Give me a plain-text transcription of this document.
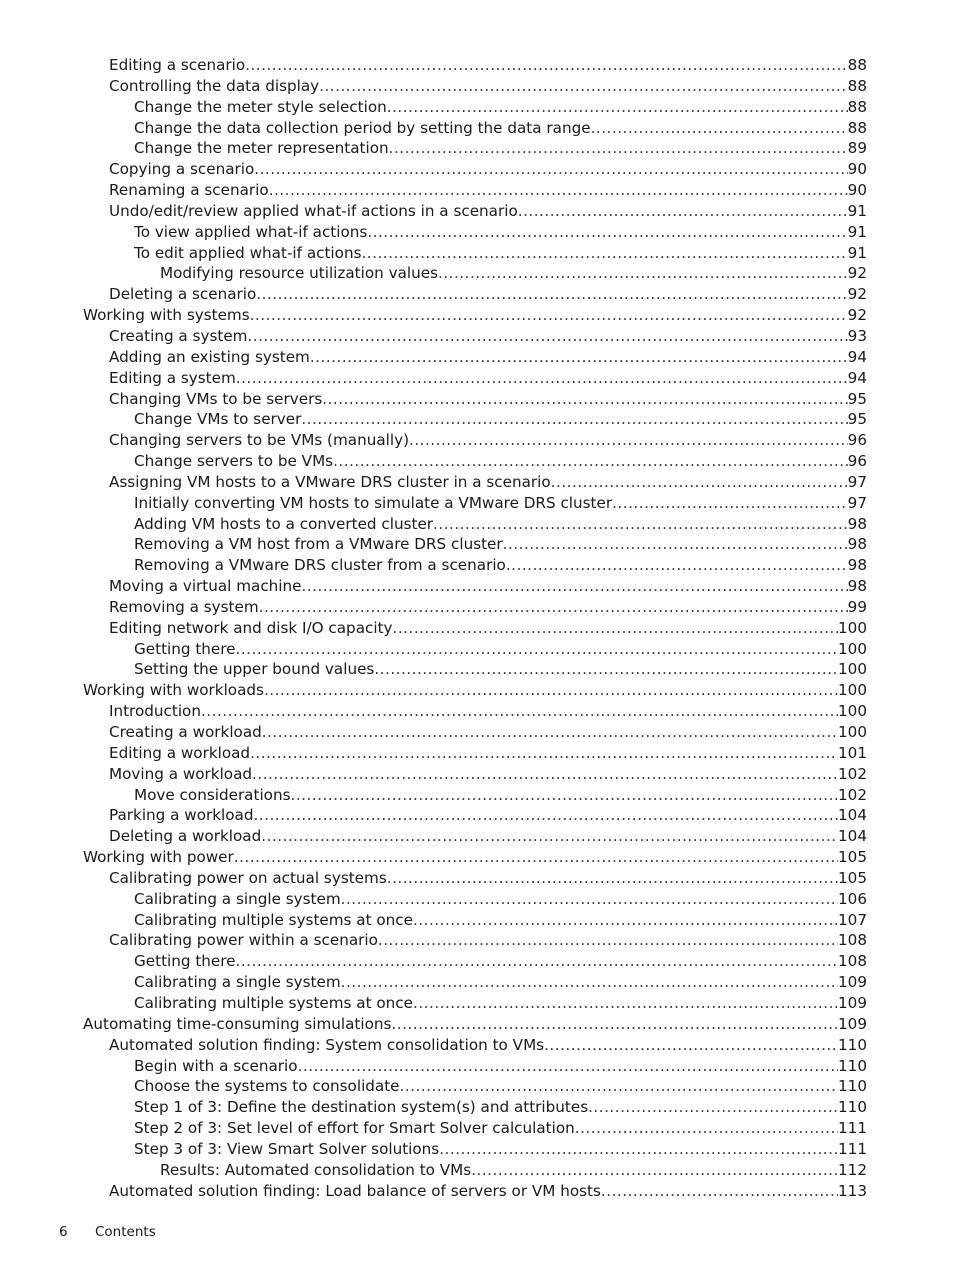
Editing a scenario .....	88
Controlling the data display .....	88
Change the meter style selection .....	88
Change the data collection period by setting the data range .....	88
Change the meter representation .....	89
Copying a scenario .....	90
Renaming a scenario .....	90
Undo/edit/review applied what-if actions in a scenario .....	91
To view applied what-if actions .....	91
To edit applied what-if actions .....	91
Modifying resource utilization values .....	92
Deleting a scenario .....	92
Working with systems .....	92
Creating a system .....	93
Adding an existing system .....	94
Editing a system .....	94
Changing VMs to be servers .....	95
Change VMs to server .....	95
Changing servers to be VMs (manually) .....	96
Change servers to be VMs .....	96
Assigning VM hosts to a VMware DRS cluster in a scenario .....	97
Initially converting VM hosts to simulate a VMware DRS cluster .....	97
Adding VM hosts to a converted cluster .....	98
Removing a VM host from a VMware DRS cluster .....	98
Removing a VMware DRS cluster from a scenario .....	98
Moving a virtual machine .....	98
Removing a system .....	99
Editing network and disk I/O capacity .....	100
Getting there .....	100
Setting the upper bound values .....	100
Working with workloads .....	100
Introduction .....	100
Creating a workload .....	100
Editing a workload .....	101
Moving a workload .....	102
Move considerations .....	102
Parking a workload .....	104
Deleting a workload .....	104
Working with power .....	105
Calibrating power on actual systems .....	105
Calibrating a single system .....	106
Calibrating multiple systems at once .....	107
Calibrating power within a scenario .....	108
Getting there .....	108
Calibrating a single system .....	109
Calibrating multiple systems at once .....	109
Automating time-consuming simulations .....	109
Automated solution finding: System consolidation to VMs .....	110
Begin with a scenario .....	110
Choose the systems to consolidate .....	110
Step 1 of 3: Define the destination system(s) and attributes .....	110
Step 2 of 3: Set level of effort for Smart Solver calculation .....	111
Step 3 of 3: View Smart Solver solutions .....	111
Results: Automated consolidation to VMs .....	112
Automated solution finding: Load balance of servers or VM hosts .....	113
6 Contents
